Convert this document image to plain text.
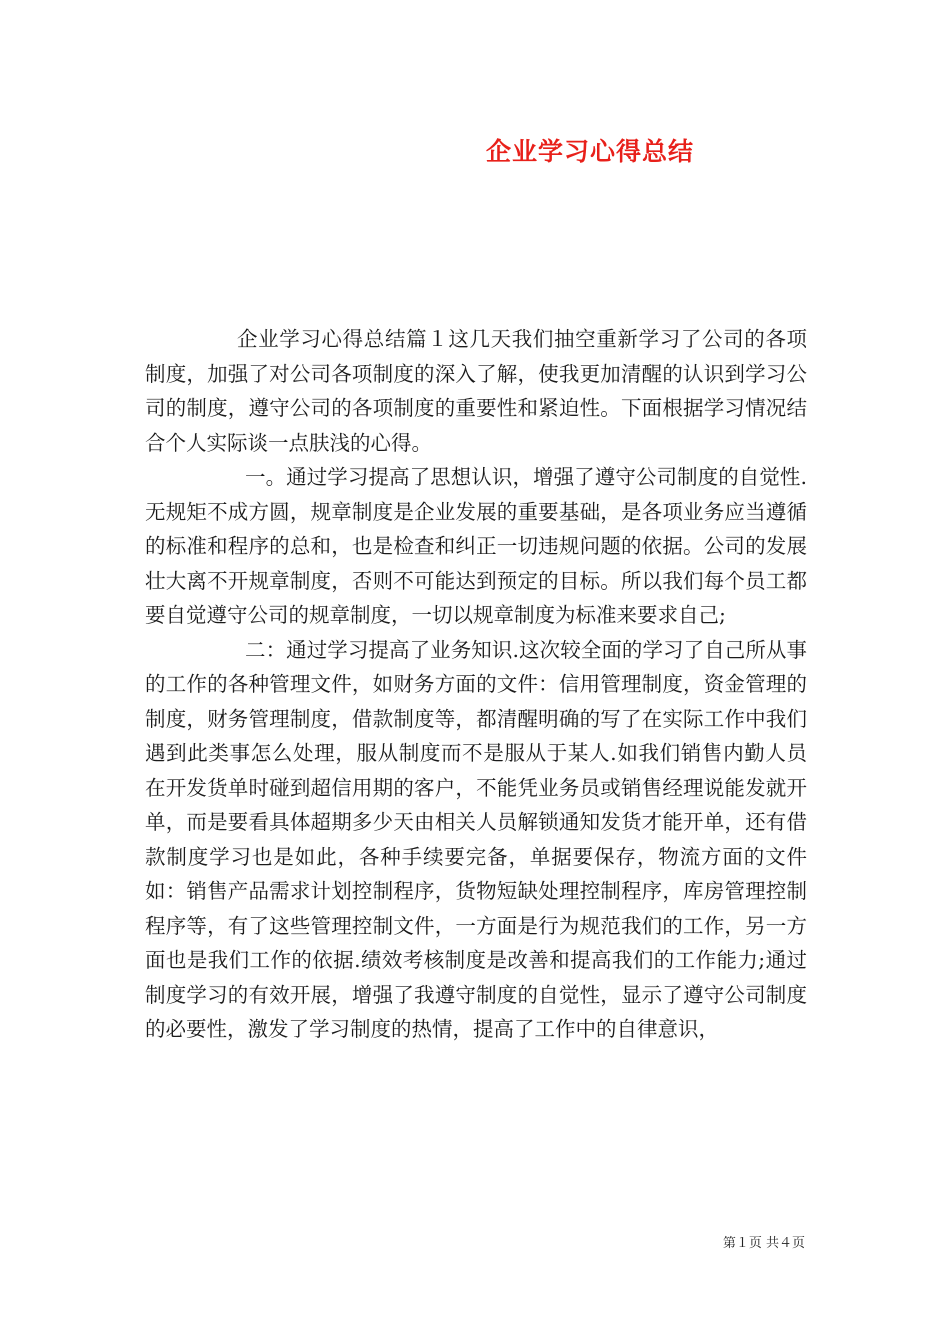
企业学习心得总结

企业学习心得总结篇１这几天我们抽空重新学习了公司的各项制度，加强了对公司各项制度的深入了解，使我更加清醒的认识到学习公司的制度，遵守公司的各项制度的重要性和紧迫性。下面根据学习情况结合个人实际谈一点肤浅的心得。

一。通过学习提高了思想认识，增强了遵守公司制度的自觉性.无规矩不成方圆，规章制度是企业发展的重要基础，是各项业务应当遵循的标准和程序的总和，也是检查和纠正一切违规问题的依据。公司的发展壮大离不开规章制度，否则不可能达到预定的目标。所以我们每个员工都要自觉遵守公司的规章制度，一切以规章制度为标准来要求自己;

二：通过学习提高了业务知识.这次较全面的学习了自己所从事的工作的各种管理文件，如财务方面的文件：信用管理制度，资金管理的制度，财务管理制度，借款制度等，都清醒明确的写了在实际工作中我们遇到此类事怎么处理，服从制度而不是服从于某人.如我们销售内勤人员在开发货单时碰到超信用期的客户，不能凭业务员或销售经理说能发就开单，而是要看具体超期多少天由相关人员解锁通知发货才能开单，还有借款制度学习也是如此，各种手续要完备，单据要保存，物流方面的文件如：销售产品需求计划控制程序，货物短缺处理控制程序，库房管理控制程序等，有了这些管理控制文件，一方面是行为规范我们的工作，另一方面也是我们工作的依据.绩效考核制度是改善和提高我们的工作能力;通过制度学习的有效开展，增强了我遵守制度的自觉性，显示了遵守公司制度的必要性，激发了学习制度的热情，提高了工作中的自律意识，

第１页 共４页
